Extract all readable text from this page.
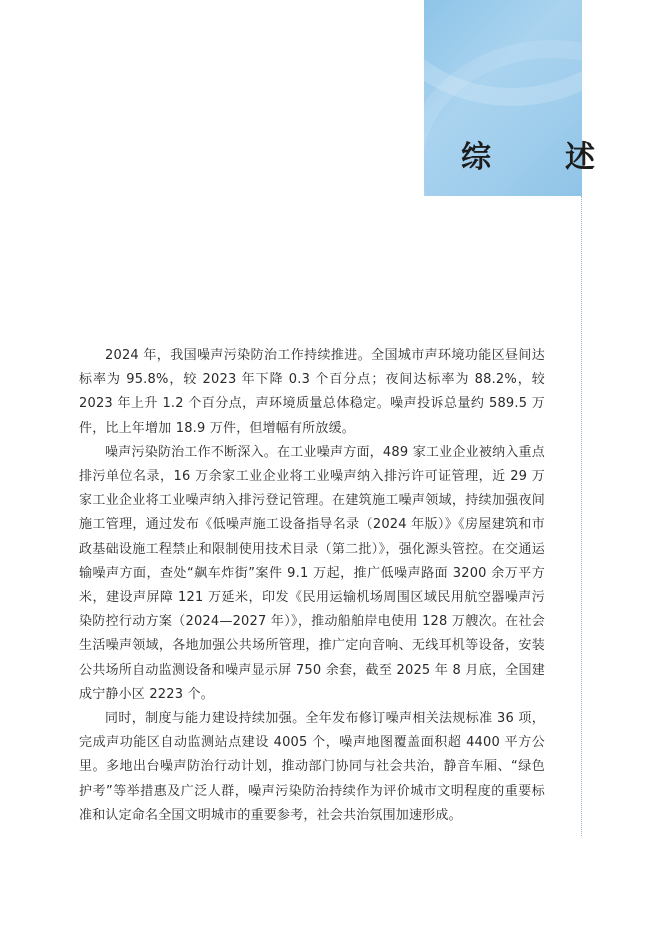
综　述

2024 年，我国噪声污染防治工作持续推进。全国城市声环境功能区昼间达标率为 95.8%，较 2023 年下降 0.3 个百分点；夜间达标率为 88.2%，较 2023 年上升 1.2 个百分点，声环境质量总体稳定。噪声投诉总量约 589.5 万件，比上年增加 18.9 万件，但增幅有所放缓。

噪声污染防治工作不断深入。在工业噪声方面，489 家工业企业被纳入重点排污单位名录，16 万余家工业企业将工业噪声纳入排污许可证管理，近 29 万家工业企业将工业噪声纳入排污登记管理。在建筑施工噪声领域，持续加强夜间施工管理，通过发布《低噪声施工设备指导名录（2024 年版）》《房屋建筑和市政基础设施工程禁止和限制使用技术目录（第二批）》，强化源头管控。在交通运输噪声方面，查处“飙车炸街”案件 9.1 万起，推广低噪声路面 3200 余万平方米，建设声屏障 121 万延米，印发《民用运输机场周围区域民用航空器噪声污染防控行动方案（2024—2027 年）》，推动船舶岸电使用 128 万艘次。在社会生活噪声领域，各地加强公共场所管理，推广定向音响、无线耳机等设备，安装公共场所自动监测设备和噪声显示屏 750 余套，截至 2025 年 8 月底，全国建成宁静小区 2223 个。

同时，制度与能力建设持续加强。全年发布修订噪声相关法规标准 36 项，完成声功能区自动监测站点建设 4005 个，噪声地图覆盖面积超 4400 平方公里。多地出台噪声防治行动计划，推动部门协同与社会共治，静音车厢、“绿色护考”等举措惠及广泛人群，噪声污染防治持续作为评价城市文明程度的重要标准和认定命名全国文明城市的重要参考，社会共治氛围加速形成。
